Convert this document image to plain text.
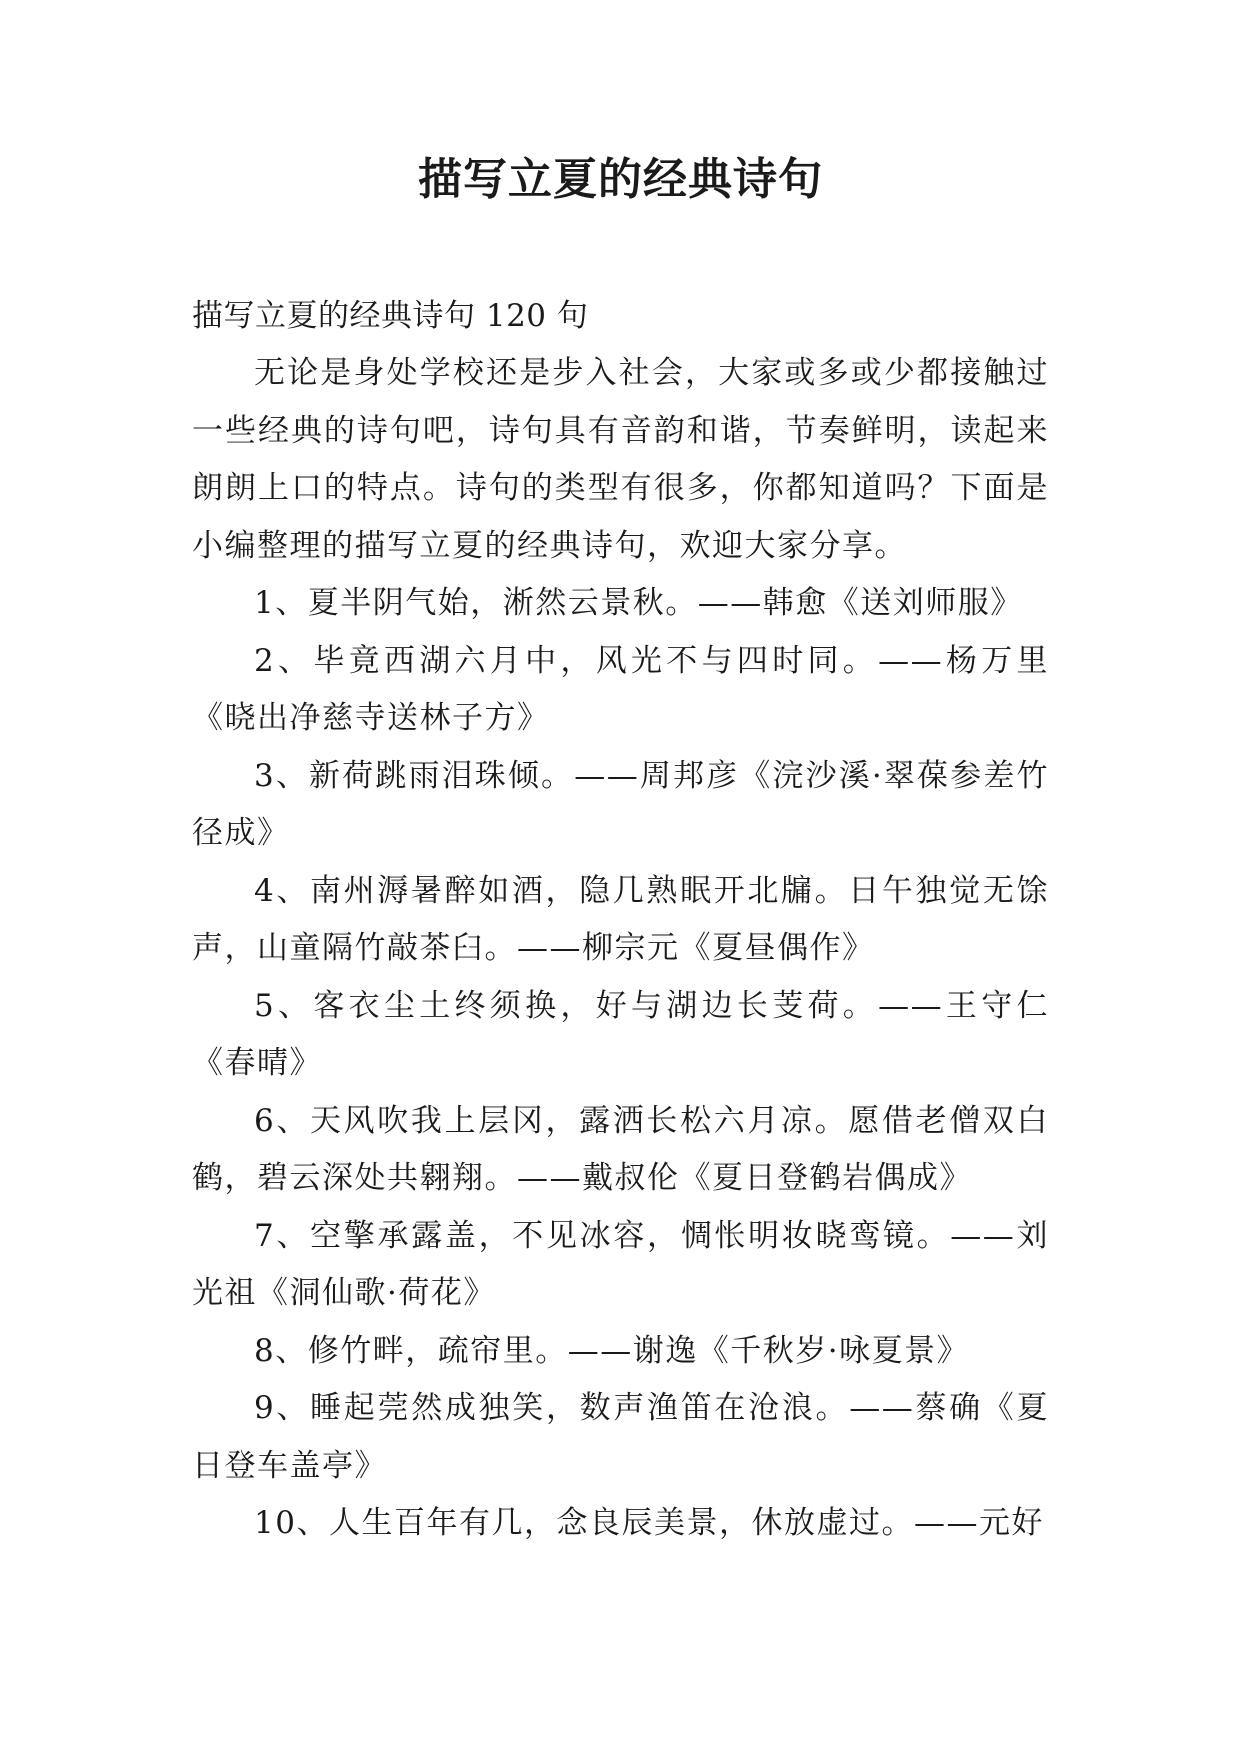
描写立夏的经典诗句

描写立夏的经典诗句 120 句

无论是身处学校还是步入社会，大家或多或少都接触过一些经典的诗句吧，诗句具有音韵和谐，节奏鲜明，读起来朗朗上口的特点。诗句的类型有很多，你都知道吗？下面是小编整理的描写立夏的经典诗句，欢迎大家分享。

1、夏半阴气始，淅然云景秋。——韩愈《送刘师服》

2、毕竟西湖六月中，风光不与四时同。——杨万里《晓出净慈寺送林子方》

3、新荷跳雨泪珠倾。——周邦彦《浣沙溪·翠葆参差竹径成》

4、南州溽暑醉如酒，隐几熟眠开北牖。日午独觉无馀声，山童隔竹敲茶臼。——柳宗元《夏昼偶作》

5、客衣尘土终须换，好与湖边长芰荷。——王守仁《春晴》

6、天风吹我上层冈，露洒长松六月凉。愿借老僧双白鹤，碧云深处共翱翔。——戴叔伦《夏日登鹤岩偶成》

7、空擎承露盖，不见冰容，惆怅明妆晓鸾镜。——刘光祖《洞仙歌·荷花》

8、修竹畔，疏帘里。——谢逸《千秋岁·咏夏景》

9、睡起莞然成独笑，数声渔笛在沧浪。——蔡确《夏日登车盖亭》

10、人生百年有几，念良辰美景，休放虚过。——元好
